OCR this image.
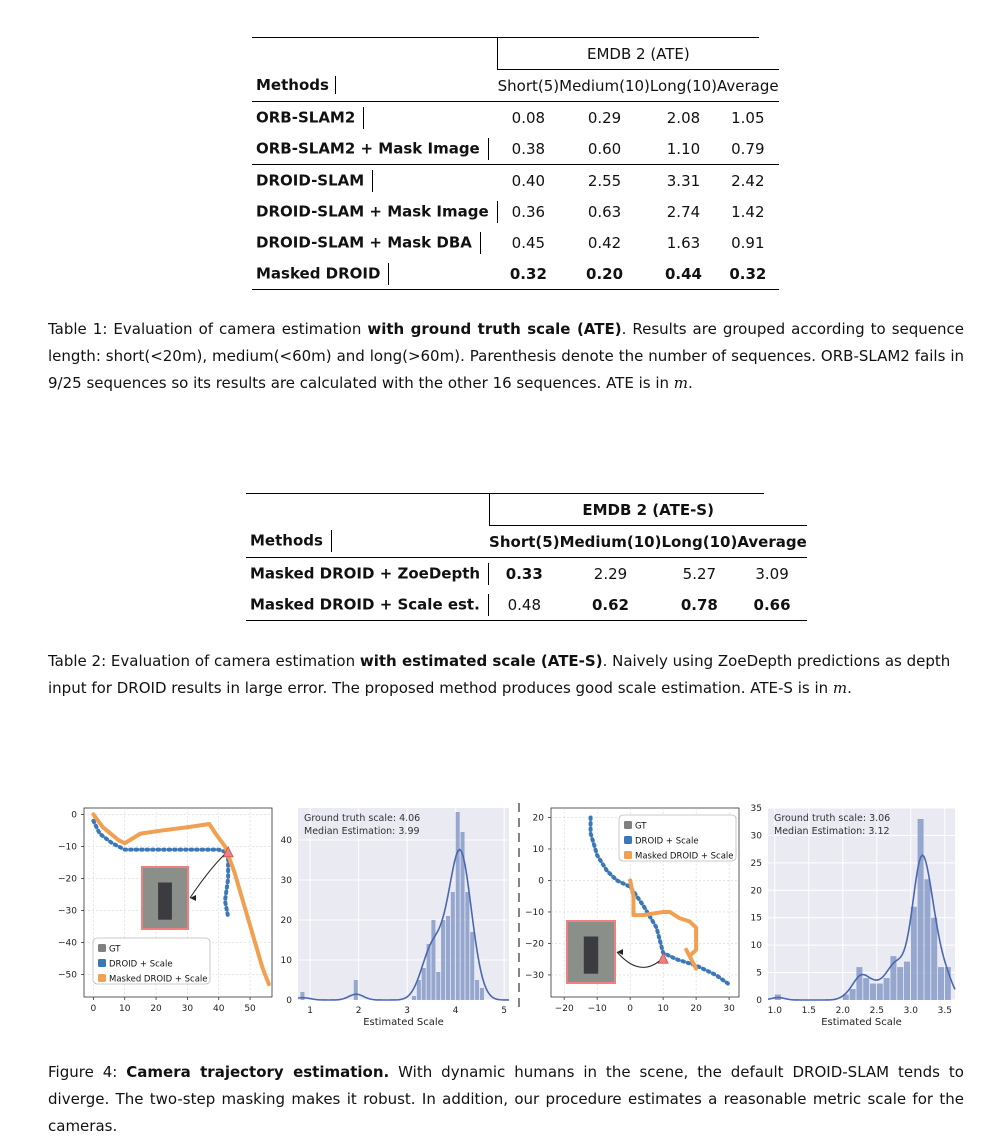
	EMDB 2 (ATE)			
Methods	Short(5)	Medium(10)	Long(10)	Average
ORB-SLAM2	0.08	0.29	2.08	1.05
ORB-SLAM2 + Mask Image	0.38	0.60	1.10	0.79
DROID-SLAM	0.40	2.55	3.31	2.42
DROID-SLAM + Mask Image	0.36	0.63	2.74	1.42
DROID-SLAM + Mask DBA	0.45	0.42	1.63	0.91
Masked DROID	0.32	0.20	0.44	0.32
Table 1: Evaluation of camera estimation with ground truth scale (ATE). Results are grouped according to sequence length: short(<20m), medium(<60m) and long(>60m). Parenthesis denote the number of sequences. ORB-SLAM2 fails in 9/25 sequences so its results are calculated with the other 16 sequences. ATE is in m.
	EMDB 2 (ATE-S)			
Methods	Short(5)	Medium(10)	Long(10)	Average
Masked DROID + ZoeDepth	0.33	2.29	5.27	3.09
Masked DROID + Scale est.	0.48	0.62	0.78	0.66
Table 2: Evaluation of camera estimation with estimated scale (ATE-S). Naively using ZoeDepth predictions as depth input for DROID results in large error. The proposed method produces good scale estimation. ATE-S is in m.
0	10 20 30 40 50
0
−10
−20
−30
−40
−50
GT
DROID + Scale
Masked DROID + Scale
0
10
20
30
40
1	2	3	4	5
Ground truth scale: 4.06
Median Estimation: 3.99
Estimated Scale
−20 −10 0	10 20 30
20
10
0
−10
−20
−30
GT
DROID + Scale
Masked DROID + Scale
0
5
10
15
20
25
30
35
1.0 1.5 2.0 2.5 3.0 3.5
Ground truth scale: 3.06
Median Estimation: 3.12
Estimated Scale
Figure 4: Camera trajectory estimation. With dynamic humans in the scene, the default DROID-SLAM tends to diverge. The two-step masking makes it robust. In addition, our procedure estimates a reasonable metric scale for the cameras.
